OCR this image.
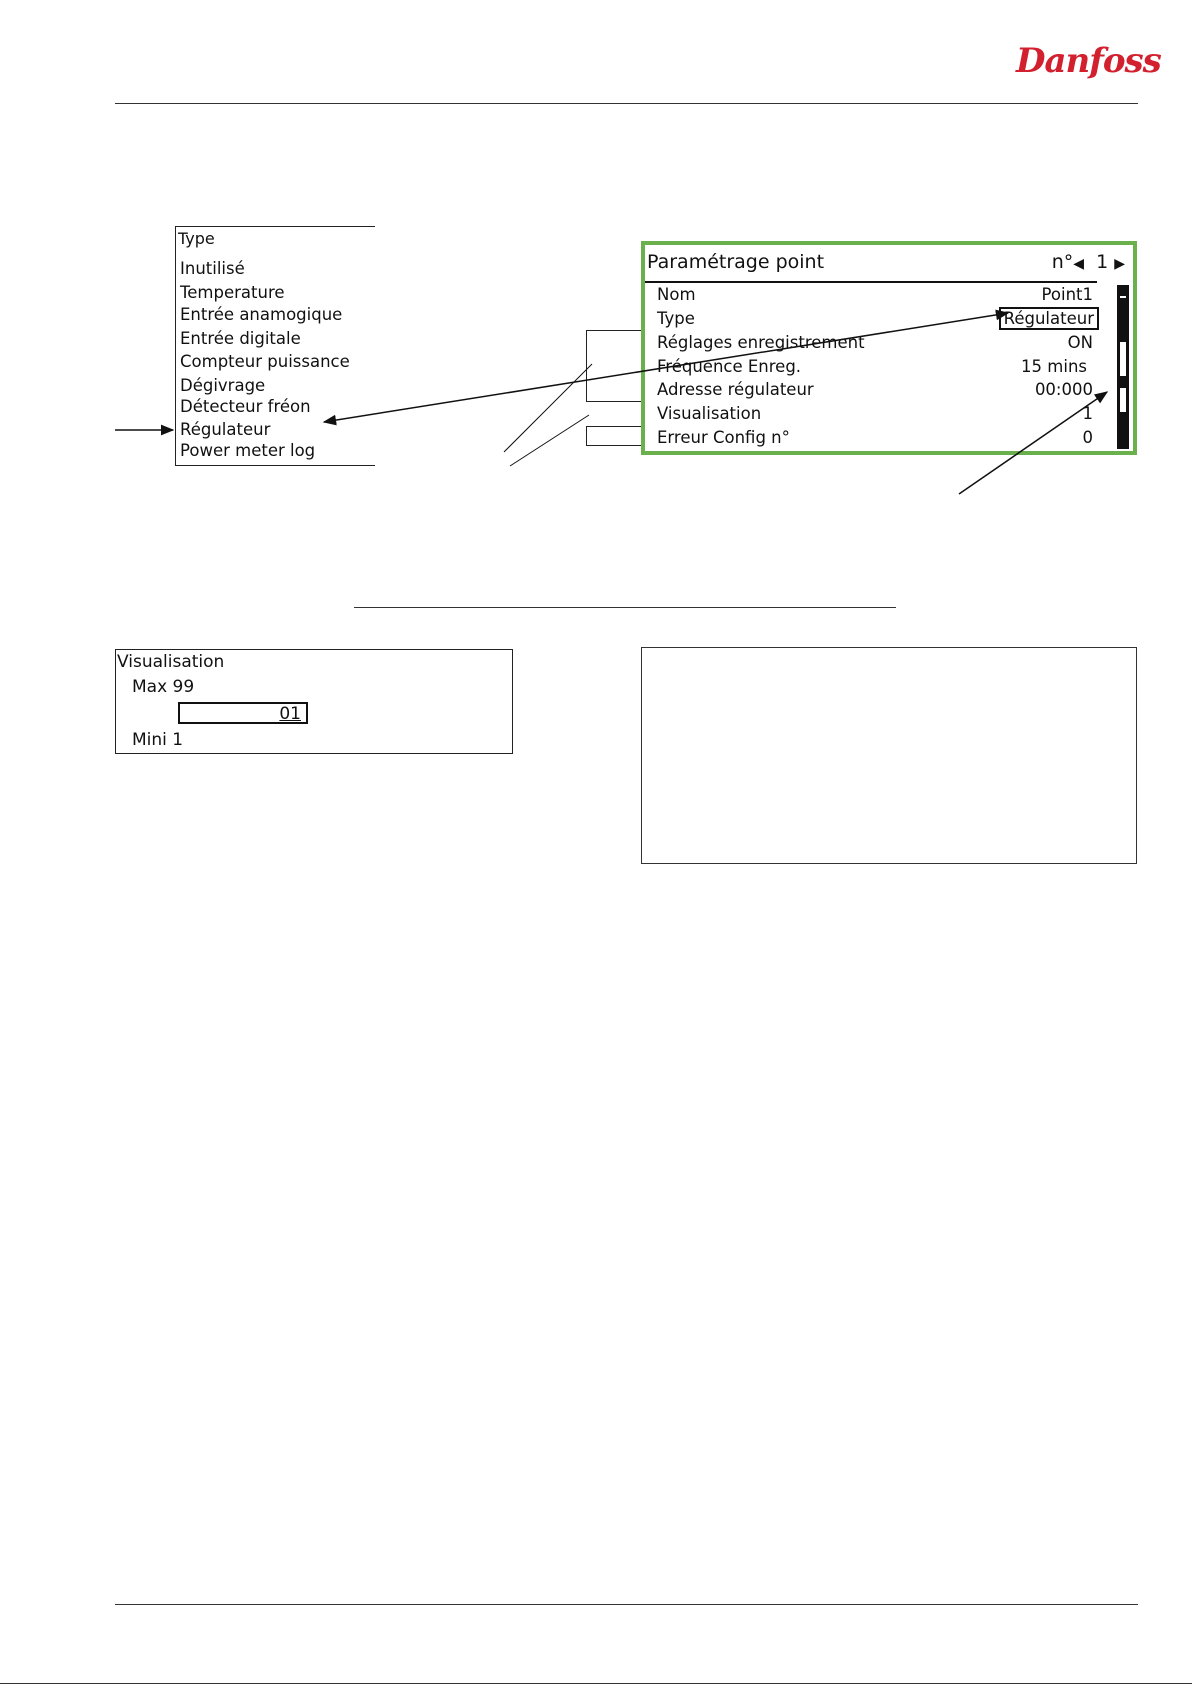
Danfoss
Type
Inutilisé
Temperature
Entrée anamogique
Entrée digitale
Compteur puissance
Dégivrage
Détecteur fréon
Régulateur
Power meter log
Paramétrage point	n°◀ 1 ▶
Nom	Point1
Type	Régulateur
Réglages enregistrement	ON
Fréquence Enreg.	15 mins
Adresse régulateur	00:000
Visualisation	1
Erreur Config n°	0
Visualisation
Max 99
01
Mini 1
